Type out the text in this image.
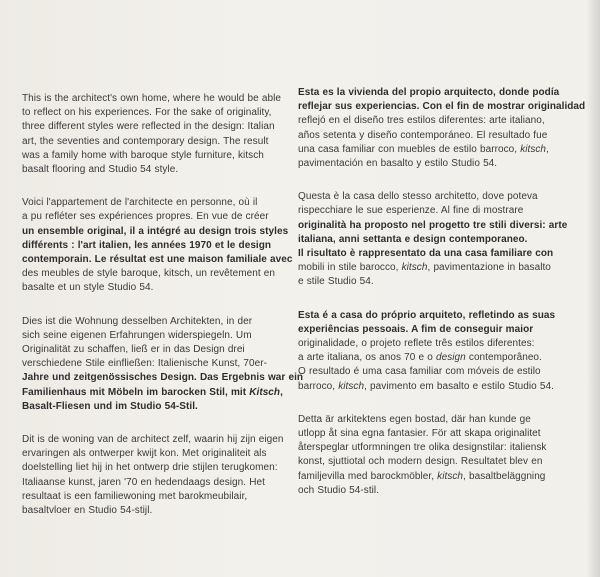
This is the architect's own home, where he would be able
to reflect on his experiences. For the sake of originality,
three different styles were reflected in the design: Italian
art, the seventies and contemporary design. The result
was a family home with baroque style furniture, kitsch
basalt flooring and Studio 54 style.

Voici l'appartement de l'architecte en personne, où il
a pu refléter ses expériences propres. En vue de créer
un ensemble original, il a intégré au design trois styles
différents : l'art italien, les années 1970 et le design
contemporain. Le résultat est une maison familiale avec
des meubles de style baroque, kitsch, un revêtement en
basalte et un style Studio 54.

Dies ist die Wohnung desselben Architekten, in der
sich seine eigenen Erfahrungen widerspiegeln. Um
Originalität zu schaffen, ließ er in das Design drei
verschiedene Stile einfließen: Italienische Kunst, 70er-
Jahre und zeitgenössisches Design. Das Ergebnis war ein
Familienhaus mit Möbeln im barocken Stil, mit Kitsch,
Basalt-Fliesen und im Studio 54-Stil.

Dit is de woning van de architect zelf, waarin hij zijn eigen
ervaringen als ontwerper kwijt kon. Met originaliteit als
doelstelling liet hij in het ontwerp drie stijlen terugkomen:
Italiaanse kunst, jaren '70 en hedendaags design. Het
resultaat is een familiewoning met barokmeubilair,
basaltvloer en Studio 54-stijl.

Esta es la vivienda del propio arquitecto, donde podía
reflejar sus experiencias. Con el fin de mostrar originalidad
reflejó en el diseño tres estilos diferentes: arte italiano,
años setenta y diseño contemporáneo. El resultado fue
una casa familiar con muebles de estilo barroco, kitsch,
pavimentación en basalto y estilo Studio 54.

Questa è la casa dello stesso architetto, dove poteva
rispecchiare le sue esperienze. Al fine di mostrare
originalità ha proposto nel progetto tre stili diversi: arte
italiana, anni settanta e design contemporaneo.
Il risultato è rappresentato da una casa familiare con
mobili in stile barocco, kitsch, pavimentazione in basalto
e stile Studio 54.

Esta é a casa do próprio arquiteto, refletindo as suas
experiências pessoais. A fim de conseguir maior
originalidade, o projeto reflete três estilos diferentes:
a arte italiana, os anos 70 e o design contemporâneo.
O resultado é uma casa familiar com móveis de estilo
barroco, kitsch, pavimento em basalto e estilo Studio 54.

Detta är arkitektens egen bostad, där han kunde ge
utlopp åt sina egna fantasier. För att skapa originalitet
återspeglar utformningen tre olika designstilar: italiensk
konst, sjuttiotal och modern design. Resultatet blev en
familjevilla med barockmöbler, kitsch, basaltbeläggning
och Studio 54-stil.
